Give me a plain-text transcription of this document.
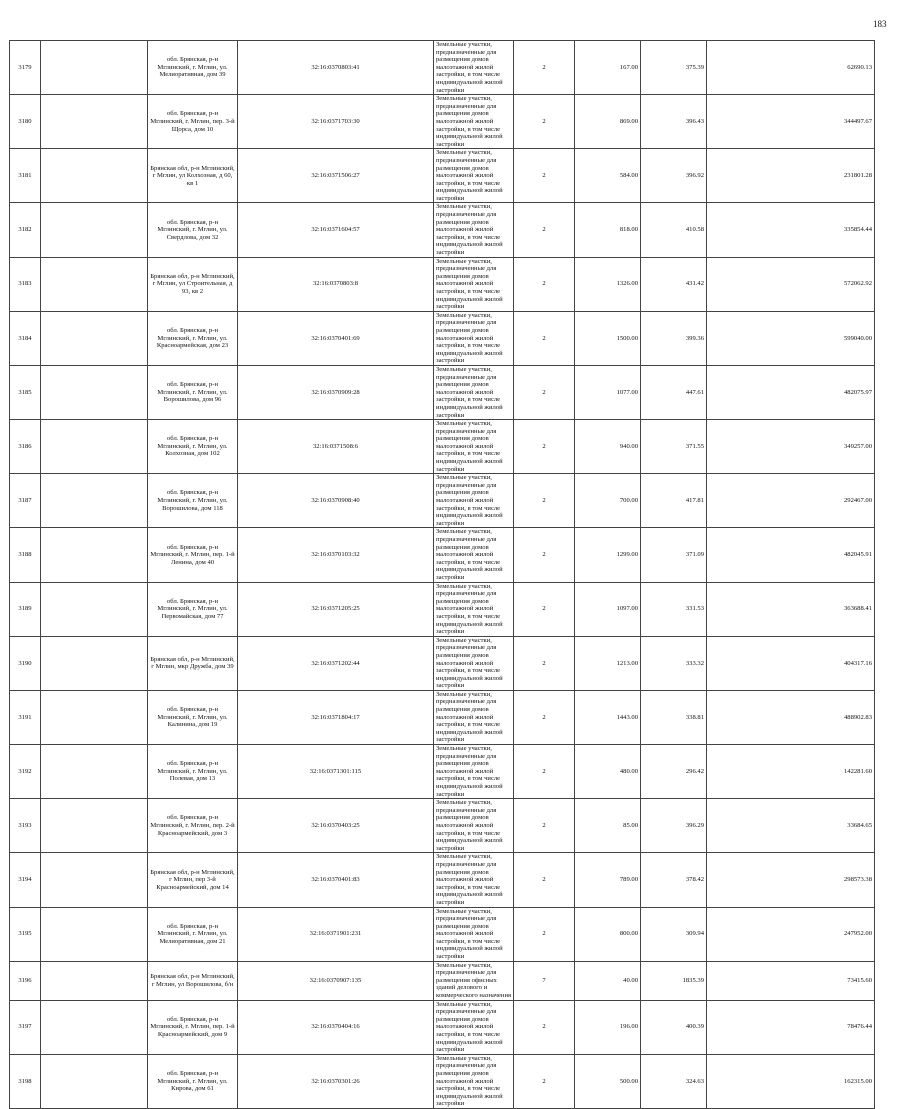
183
3179		обл. Брянская, р-н Мглинский, г. Мглин, ул. Мелиоративная, дом 39	32:16:0370803:41	Земельные участки, предназначенные для размещения домов малоэтажной жилой застройки, в том числе индивидуальной жилой застройки	2	167.00	375.39	62690.13
3180		обл. Брянская, р-н Мглинский, г. Мглин, пер. 3-й Щорса, дом 10	32:16:0371703:30	Земельные участки, предназначенные для размещения домов малоэтажной жилой застройки, в том числе индивидуальной жилой застройки	2	869.00	396.43	344497.67
3181		Брянская обл, р-н Мглинский, г Мглин, ул Колхозная, д 60, кв 1	32:16:0371506:27	Земельные участки, предназначенные для размещения домов малоэтажной жилой застройки, в том числе индивидуальной жилой застройки	2	584.00	396.92	231801.28
3182		обл. Брянская, р-н Мглинский, г. Мглин, ул. Свердлова, дом 32	32:16:0371604:57	Земельные участки, предназначенные для размещения домов малоэтажной жилой застройки, в том числе индивидуальной жилой застройки	2	818.00	410.58	335854.44
3183		Брянская обл, р-н Мглинский, г Мглин, ул Строительная, д 93, кв 2	32:16:0370803:8	Земельные участки, предназначенные для размещения домов малоэтажной жилой застройки, в том числе индивидуальной жилой застройки	2	1326.00	431.42	572062.92
3184		обл. Брянская, р-н Мглинский, г. Мглин, ул. Красноармейская, дом 23	32:16:0370401:69	Земельные участки, предназначенные для размещения домов малоэтажной жилой застройки, в том числе индивидуальной жилой застройки	2	1500.00	399.36	599040.00
3185		обл. Брянская, р-н Мглинский, г. Мглин, ул. Ворошилова, дом 96	32:16:0370909:28	Земельные участки, предназначенные для размещения домов малоэтажной жилой застройки, в том числе индивидуальной жилой застройки	2	1077.00	447.61	482075.97
3186		обл. Брянская, р-н Мглинский, г. Мглин, ул. Колхозная, дом 102	32:16:0371508:6	Земельные участки, предназначенные для размещения домов малоэтажной жилой застройки, в том числе индивидуальной жилой застройки	2	940.00	371.55	349257.00
3187		обл. Брянская, р-н Мглинский, г. Мглин, ул. Ворошилова, дом 118	32:16:0370908:40	Земельные участки, предназначенные для размещения домов малоэтажной жилой застройки, в том числе индивидуальной жилой застройки	2	700.00	417.81	292467.00
3188		обл. Брянская, р-н Мглинский, г. Мглин, пер. 1-й Ленина, дом 40	32:16:0370103:32	Земельные участки, предназначенные для размещения домов малоэтажной жилой застройки, в том числе индивидуальной жилой застройки	2	1299.00	371.09	482045.91
3189		обл. Брянская, р-н Мглинский, г. Мглин, ул. Первомайская, дом 77	32:16:0371205:25	Земельные участки, предназначенные для размещения домов малоэтажной жилой застройки, в том числе индивидуальной жилой застройки	2	1097.00	331.53	363688.41
3190		Брянская обл, р-н Мглинский, г Мглин, мкр Дружба, дом 39	32:16:0371202:44	Земельные участки, предназначенные для размещения домов малоэтажной жилой застройки, в том числе индивидуальной жилой застройки	2	1213.00	333.32	404317.16
3191		обл. Брянская, р-н Мглинский, г. Мглин, ул. Калинина, дом 19	32:16:0371804:17	Земельные участки, предназначенные для размещения домов малоэтажной жилой застройки, в том числе индивидуальной жилой застройки	2	1443.00	338.81	488902.83
3192		обл. Брянская, р-н Мглинский, г. Мглин, ул. Полевая, дом 13	32:16:0371301:115	Земельные участки, предназначенные для размещения домов малоэтажной жилой застройки, в том числе индивидуальной жилой застройки	2	480.00	296.42	142281.60
3193		обл. Брянская, р-н Мглинский, г. Мглин, пер. 2-й Красноармейский, дом 3	32:16:0370403:25	Земельные участки, предназначенные для размещения домов малоэтажной жилой застройки, в том числе индивидуальной жилой застройки	2	85.00	396.29	33684.65
3194		Брянская обл, р-н Мглинский, г Мглин, пер 3-й Красноармейский, дом 14	32:16:0370401:83	Земельные участки, предназначенные для размещения домов малоэтажной жилой застройки, в том числе индивидуальной жилой застройки	2	789.00	378.42	298573.38
3195		обл. Брянская, р-н Мглинский, г. Мглин, ул. Мелиоративная, дом 21	32:16:0371901:231	Земельные участки, предназначенные для размещения домов малоэтажной жилой застройки, в том числе индивидуальной жилой застройки	2	800.00	309.94	247952.00
3196		Брянская обл, р-н Мглинский, г Мглин, ул Ворошилова, б/н	32:16:0370907:135	Земельные участки, предназначенные для размещения офисных зданий делового и коммерческого назначения	7	40.00	1835.39	73415.60
3197		обл. Брянская, р-н Мглинский, г. Мглин, пер. 1-й Красноармейский, дом 9	32:16:0370404:16	Земельные участки, предназначенные для размещения домов малоэтажной жилой застройки, в том числе индивидуальной жилой застройки	2	196.00	400.39	78476.44
3198		обл. Брянская, р-н Мглинский, г. Мглин, ул. Кирова, дом 61	32:16:0370301:26	Земельные участки, предназначенные для размещения домов малоэтажной жилой застройки, в том числе индивидуальной жилой застройки	2	500.00	324.63	162315.00
